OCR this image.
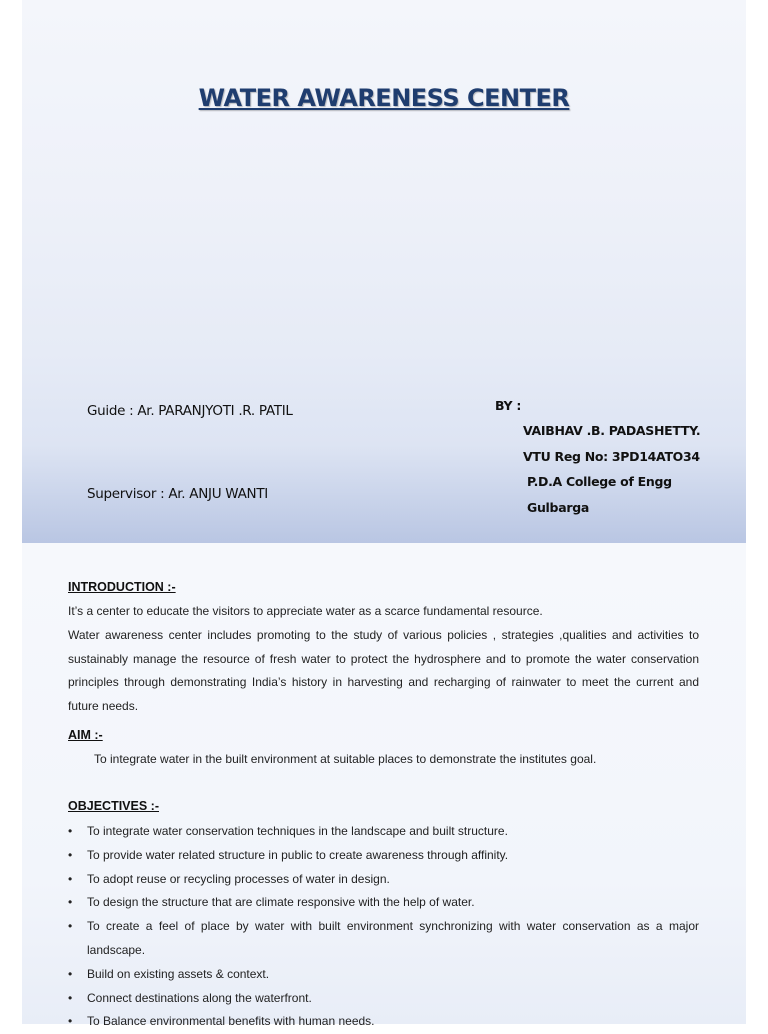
WATER AWARENESS CENTER
Guide : Ar. PARANJYOTI .R. PATIL
Supervisor : Ar. ANJU WANTI
BY :
VAIBHAV .B. PADASHETTY.
VTU Reg No: 3PD14ATO34
P.D.A College of Engg
Gulbarga
INTRODUCTION :-
It’s a center to educate the visitors to appreciate water as a scarce fundamental resource.

Water awareness center includes promoting to the study of various policies , strategies ,qualities and activities to sustainably manage the resource of fresh water to protect the hydrosphere and to promote the water conservation principles through demonstrating India’s history in harvesting and recharging of rainwater to meet the current and future needs.

AIM :-
To integrate water in the built environment at suitable places to demonstrate the institutes goal.
OBJECTIVES :-
• To integrate water conservation techniques in the landscape and built structure.
• To provide water related structure in public to create awareness through affinity.
• To adopt reuse or recycling processes of water in design.
• To design the structure that are climate responsive with the help of water.
• To create a feel of place by water with built environment synchronizing with water conservation as a major landscape.
• Build on existing assets & context.
• Connect destinations along the waterfront.
• To Balance environmental benefits with human needs.
